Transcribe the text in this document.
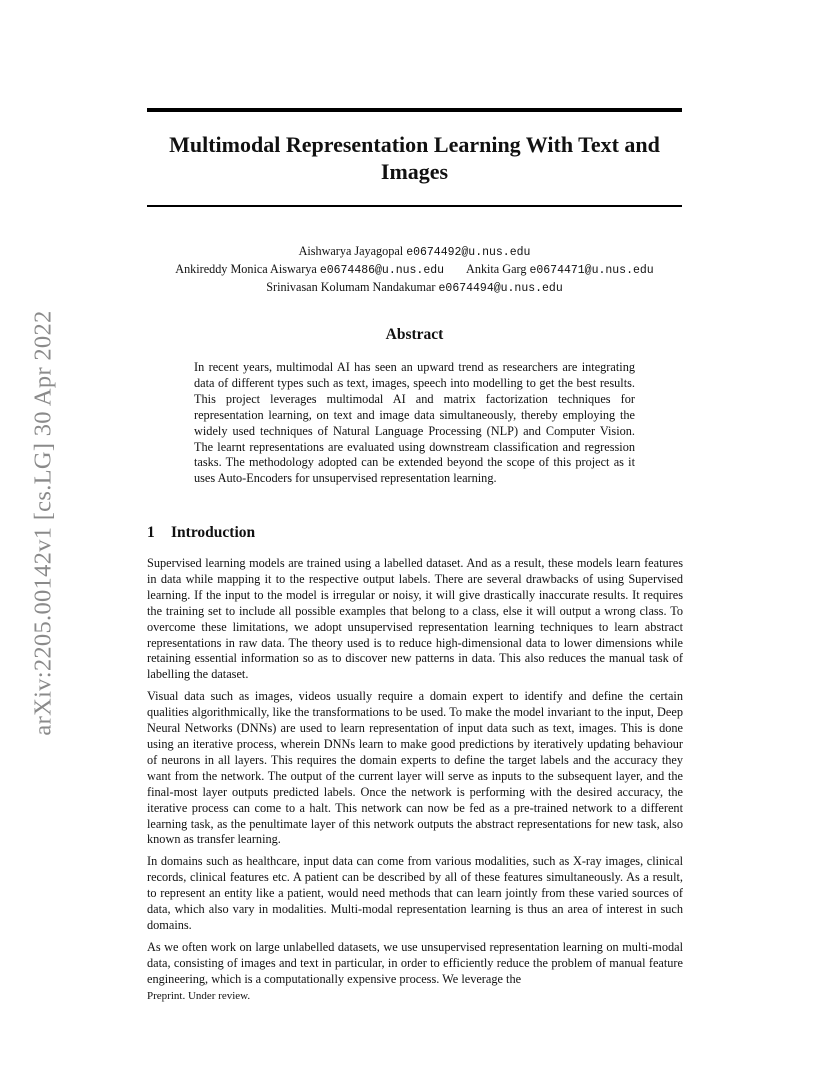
arXiv:2205.00142v1 [cs.LG] 30 Apr 2022
Multimodal Representation Learning With Text and Images
Aishwarya Jayagopal e0674492@u.nus.edu
Ankireddy Monica Aiswarya e0674486@u.nus.edu Ankita Garg e0674471@u.nus.edu
Srinivasan Kolumam Nandakumar e0674494@u.nus.edu
Abstract

In recent years, multimodal AI has seen an upward trend as researchers are integrating data of different types such as text, images, speech into modelling to get the best results. This project leverages multimodal AI and matrix factorization techniques for representation learning, on text and image data simultaneously, thereby employing the widely used techniques of Natural Language Processing (NLP) and Computer Vision. The learnt representations are evaluated using downstream classification and regression tasks. The methodology adopted can be extended beyond the scope of this project as it uses Auto-Encoders for unsupervised representation learning.

1 Introduction

Supervised learning models are trained using a labelled dataset. And as a result, these models learn features in data while mapping it to the respective output labels. There are several drawbacks of using Supervised learning. If the input to the model is irregular or noisy, it will give drastically inaccurate results. It requires the training set to include all possible examples that belong to a class, else it will output a wrong class. To overcome these limitations, we adopt unsupervised representation learning techniques to learn abstract representations in raw data. The theory used is to reduce high-dimensional data to lower dimensions while retaining essential information so as to discover new patterns in data. This also reduces the manual task of labelling the dataset.

Visual data such as images, videos usually require a domain expert to identify and define the certain qualities algorithmically, like the transformations to be used. To make the model invariant to the input, Deep Neural Networks (DNNs) are used to learn representation of input data such as text, images. This is done using an iterative process, wherein DNNs learn to make good predictions by iteratively updating behaviour of neurons in all layers. This requires the domain experts to define the target labels and the accuracy they want from the network. The output of the current layer will serve as inputs to the subsequent layer, and the final-most layer outputs predicted labels. Once the network is performing with the desired accuracy, the iterative process can come to a halt. This network can now be fed as a pre-trained network to a different learning task, as the penultimate layer of this network outputs the abstract representations for new task, also known as transfer learning.

In domains such as healthcare, input data can come from various modalities, such as X-ray images, clinical records, clinical features etc. A patient can be described by all of these features simultaneously. As a result, to represent an entity like a patient, would need methods that can learn jointly from these varied sources of data, which also vary in modalities. Multi-modal representation learning is thus an area of interest in such domains.

As we often work on large unlabelled datasets, we use unsupervised representation learning on multi-modal data, consisting of images and text in particular, in order to efficiently reduce the problem of manual feature engineering, which is a computationally expensive process. We leverage the

Preprint. Under review.
